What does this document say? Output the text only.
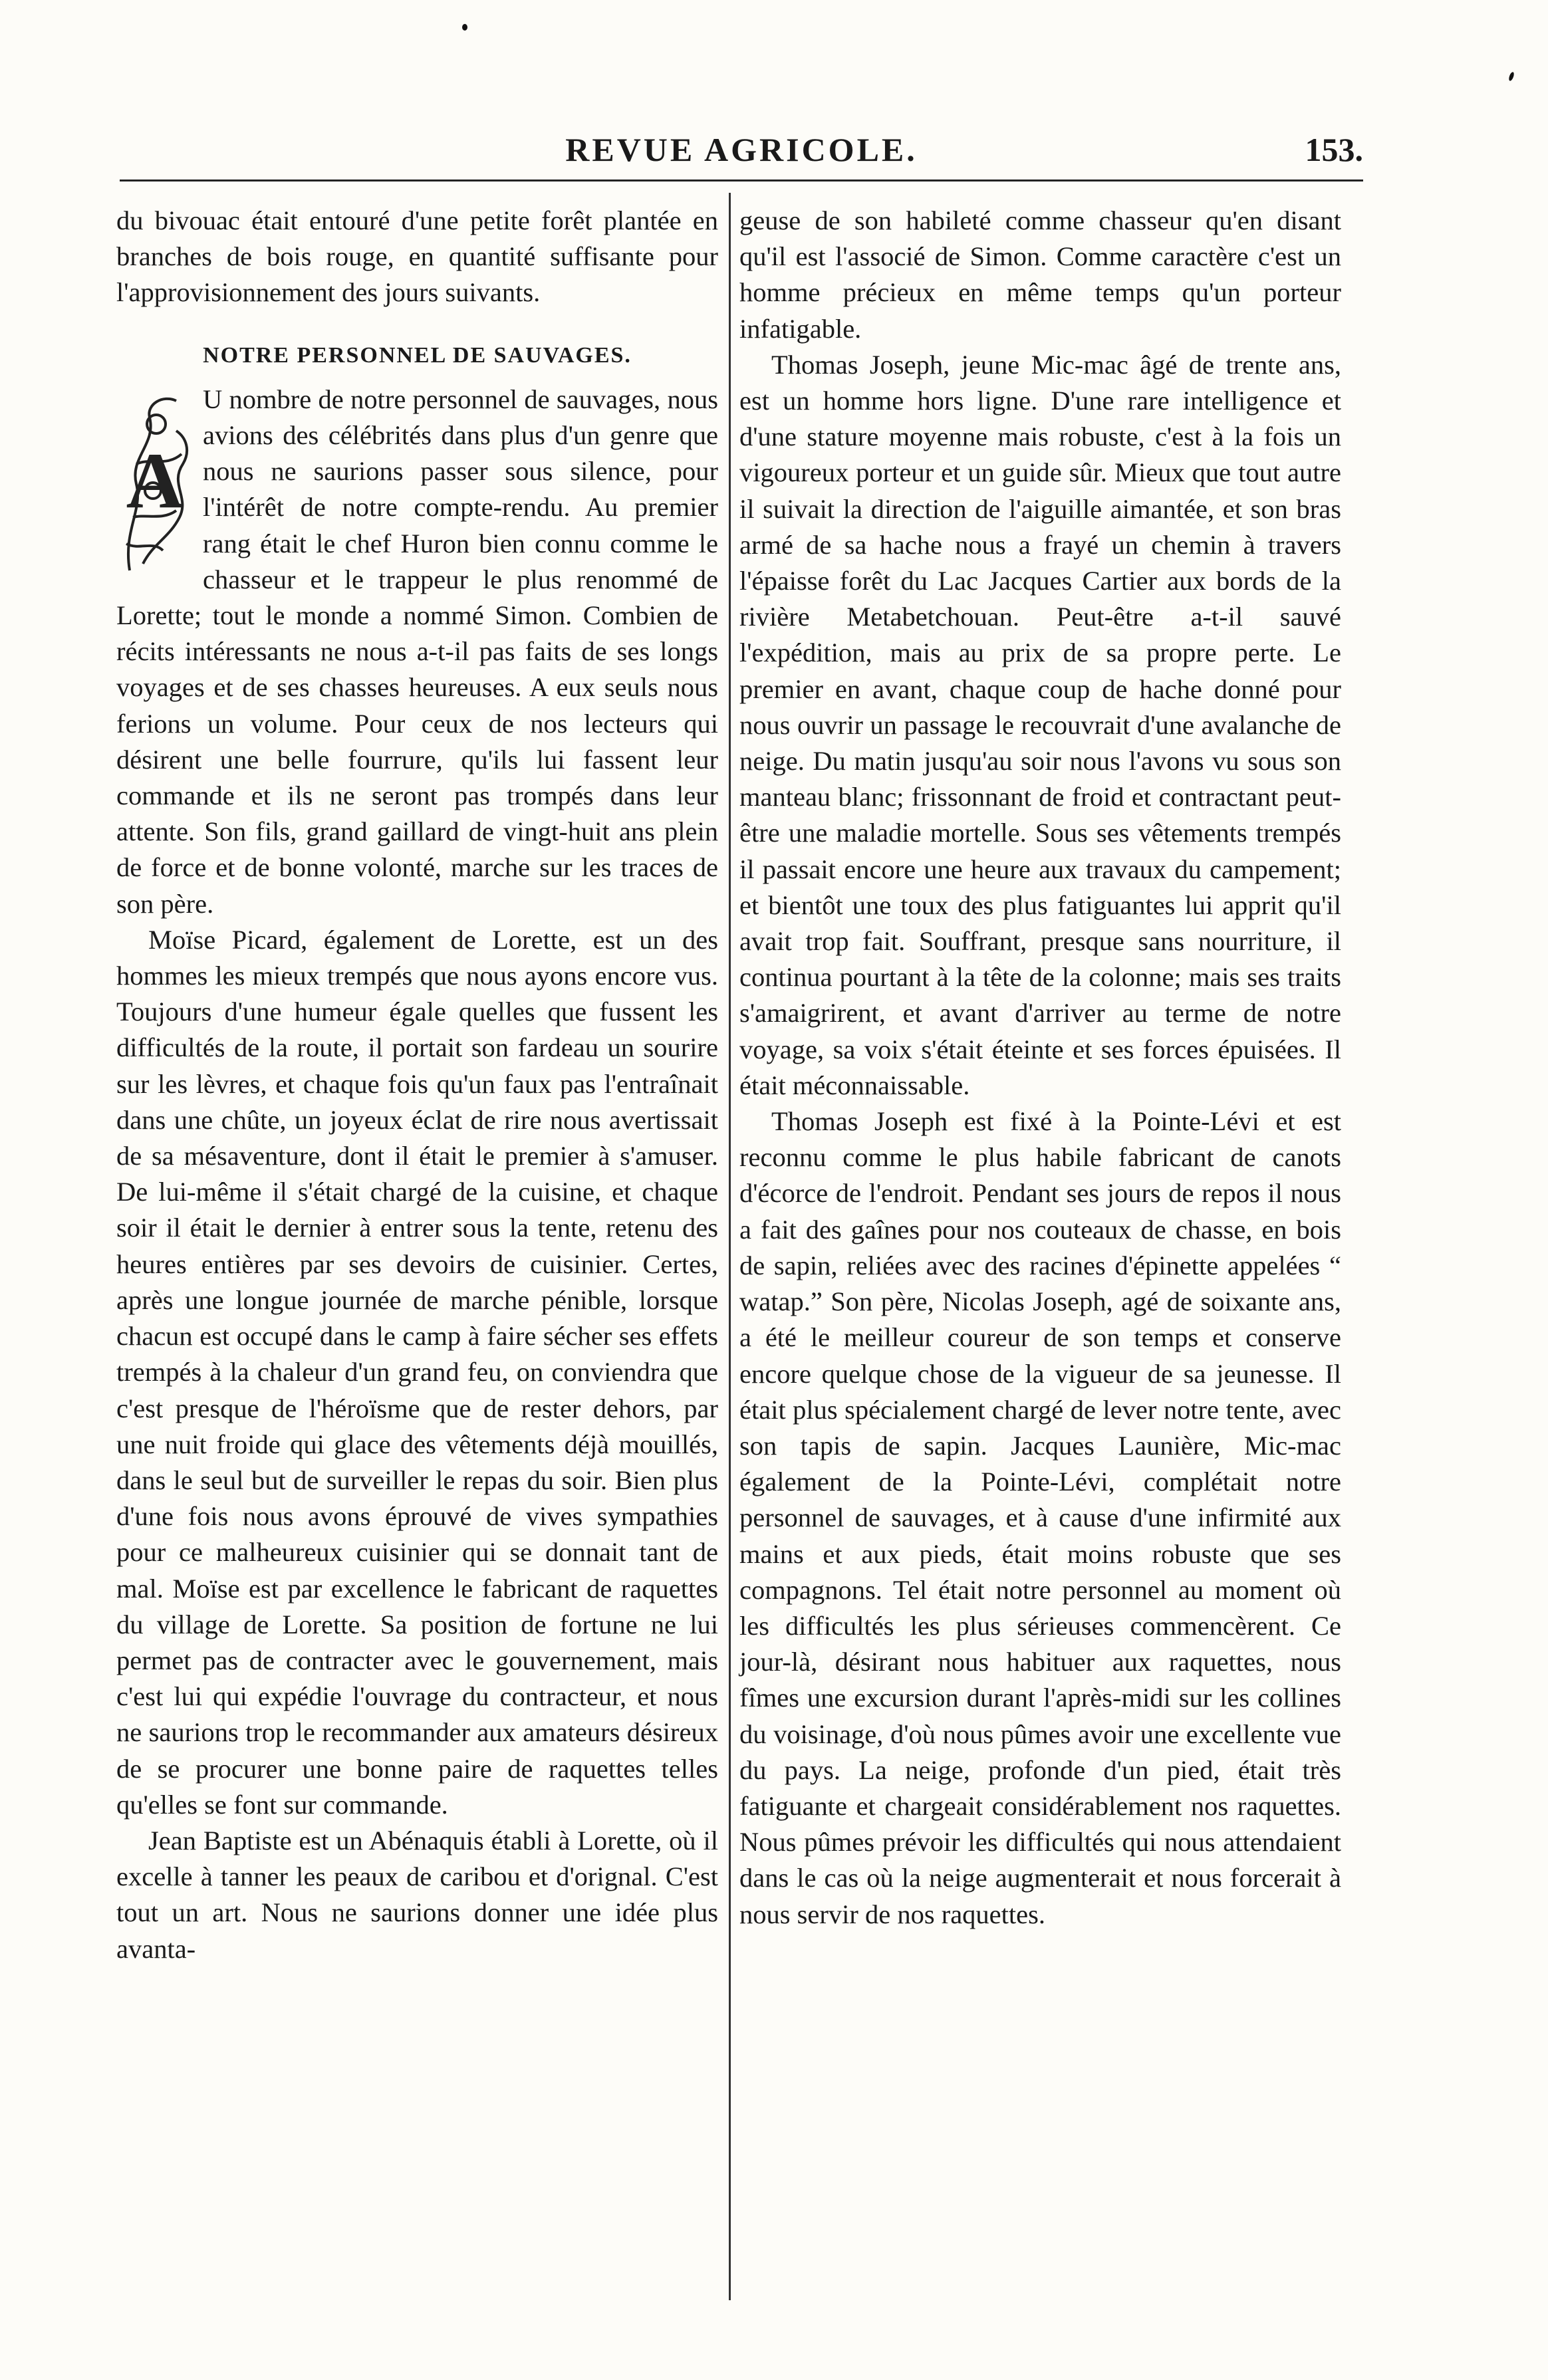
REVUE AGRICOLE.	153.

du bivouac était entouré d'une petite forêt plantée en branches de bois rouge, en quantité suffisante pour l'approvisionnement des jours suivants.

NOTRE PERSONNEL DE SAUVAGES.

A
U nombre de notre personnel de sauvages, nous avions des célébrités dans plus d'un genre que nous ne saurions passer sous silence, pour l'intérêt de notre compte-rendu. Au premier rang était le chef Huron bien connu comme le chasseur et le trappeur le plus renommé de Lorette; tout le monde a nommé Simon. Combien de récits intéressants ne nous a-t-il pas faits de ses longs voyages et de ses chasses heureuses. A eux seuls nous ferions un volume. Pour ceux de nos lecteurs qui désirent une belle fourrure, qu'ils lui fassent leur commande et ils ne seront pas trompés dans leur attente. Son fils, grand gaillard de vingt-huit ans plein de force et de bonne volonté, marche sur les traces de son père.

Moïse Picard, également de Lorette, est un des hommes les mieux trempés que nous ayons encore vus. Toujours d'une humeur égale quelles que fussent les difficultés de la route, il portait son fardeau un sourire sur les lèvres, et chaque fois qu'un faux pas l'entraînait dans une chûte, un joyeux éclat de rire nous avertissait de sa mésaventure, dont il était le premier à s'amuser. De lui-même il s'était chargé de la cuisine, et chaque soir il était le dernier à entrer sous la tente, retenu des heures entières par ses devoirs de cuisinier. Certes, après une longue journée de marche pénible, lorsque chacun est occupé dans le camp à faire sécher ses effets trempés à la chaleur d'un grand feu, on conviendra que c'est presque de l'héroïsme que de rester dehors, par une nuit froide qui glace des vêtements déjà mouillés, dans le seul but de surveiller le repas du soir. Bien plus d'une fois nous avons éprouvé de vives sympathies pour ce malheureux cuisinier qui se donnait tant de mal. Moïse est par excellence le fabricant de raquettes du village de Lorette. Sa position de fortune ne lui permet pas de contracter avec le gouvernement, mais c'est lui qui expédie l'ouvrage du contracteur, et nous ne saurions trop le recommander aux amateurs désireux de se procurer une bonne paire de raquettes telles qu'elles se font sur commande.

Jean Baptiste est un Abénaquis établi à Lorette, où il excelle à tanner les peaux de caribou et d'orignal. C'est tout un art. Nous ne saurions donner une idée plus avanta-

geuse de son habileté comme chasseur qu'en disant qu'il est l'associé de Simon. Comme caractère c'est un homme précieux en même temps qu'un porteur infatigable.

Thomas Joseph, jeune Mic-mac âgé de trente ans, est un homme hors ligne. D'une rare intelligence et d'une stature moyenne mais robuste, c'est à la fois un vigoureux porteur et un guide sûr. Mieux que tout autre il suivait la direction de l'aiguille aimantée, et son bras armé de sa hache nous a frayé un chemin à travers l'épaisse forêt du Lac Jacques Cartier aux bords de la rivière Metabetchouan. Peut-être a-t-il sauvé l'expédition, mais au prix de sa propre perte. Le premier en avant, chaque coup de hache donné pour nous ouvrir un passage le recouvrait d'une avalanche de neige. Du matin jusqu'au soir nous l'avons vu sous son manteau blanc; frissonnant de froid et contractant peut-être une maladie mortelle. Sous ses vêtements trempés il passait encore une heure aux travaux du campement; et bientôt une toux des plus fatiguantes lui apprit qu'il avait trop fait. Souffrant, presque sans nourriture, il continua pourtant à la tête de la colonne; mais ses traits s'amaigrirent, et avant d'arriver au terme de notre voyage, sa voix s'était éteinte et ses forces épuisées. Il était méconnaissable.

Thomas Joseph est fixé à la Pointe-Lévi et est reconnu comme le plus habile fabricant de canots d'écorce de l'endroit. Pendant ses jours de repos il nous a fait des gaînes pour nos couteaux de chasse, en bois de sapin, reliées avec des racines d'épinette appelées “ watap.” Son père, Nicolas Joseph, agé de soixante ans, a été le meilleur coureur de son temps et conserve encore quelque chose de la vigueur de sa jeunesse. Il était plus spécialement chargé de lever notre tente, avec son tapis de sapin. Jacques Launière, Mic-mac également de la Pointe-Lévi, complétait notre personnel de sauvages, et à cause d'une infirmité aux mains et aux pieds, était moins robuste que ses compagnons. Tel était notre personnel au moment où les difficultés les plus sérieuses commencèrent. Ce jour-là, désirant nous habituer aux raquettes, nous fîmes une excursion durant l'après-midi sur les collines du voisinage, d'où nous pûmes avoir une excellente vue du pays. La neige, profonde d'un pied, était très fatiguante et chargeait considérablement nos raquettes. Nous pûmes prévoir les difficultés qui nous attendaient dans le cas où la neige augmenterait et nous forcerait à nous servir de nos raquettes.
